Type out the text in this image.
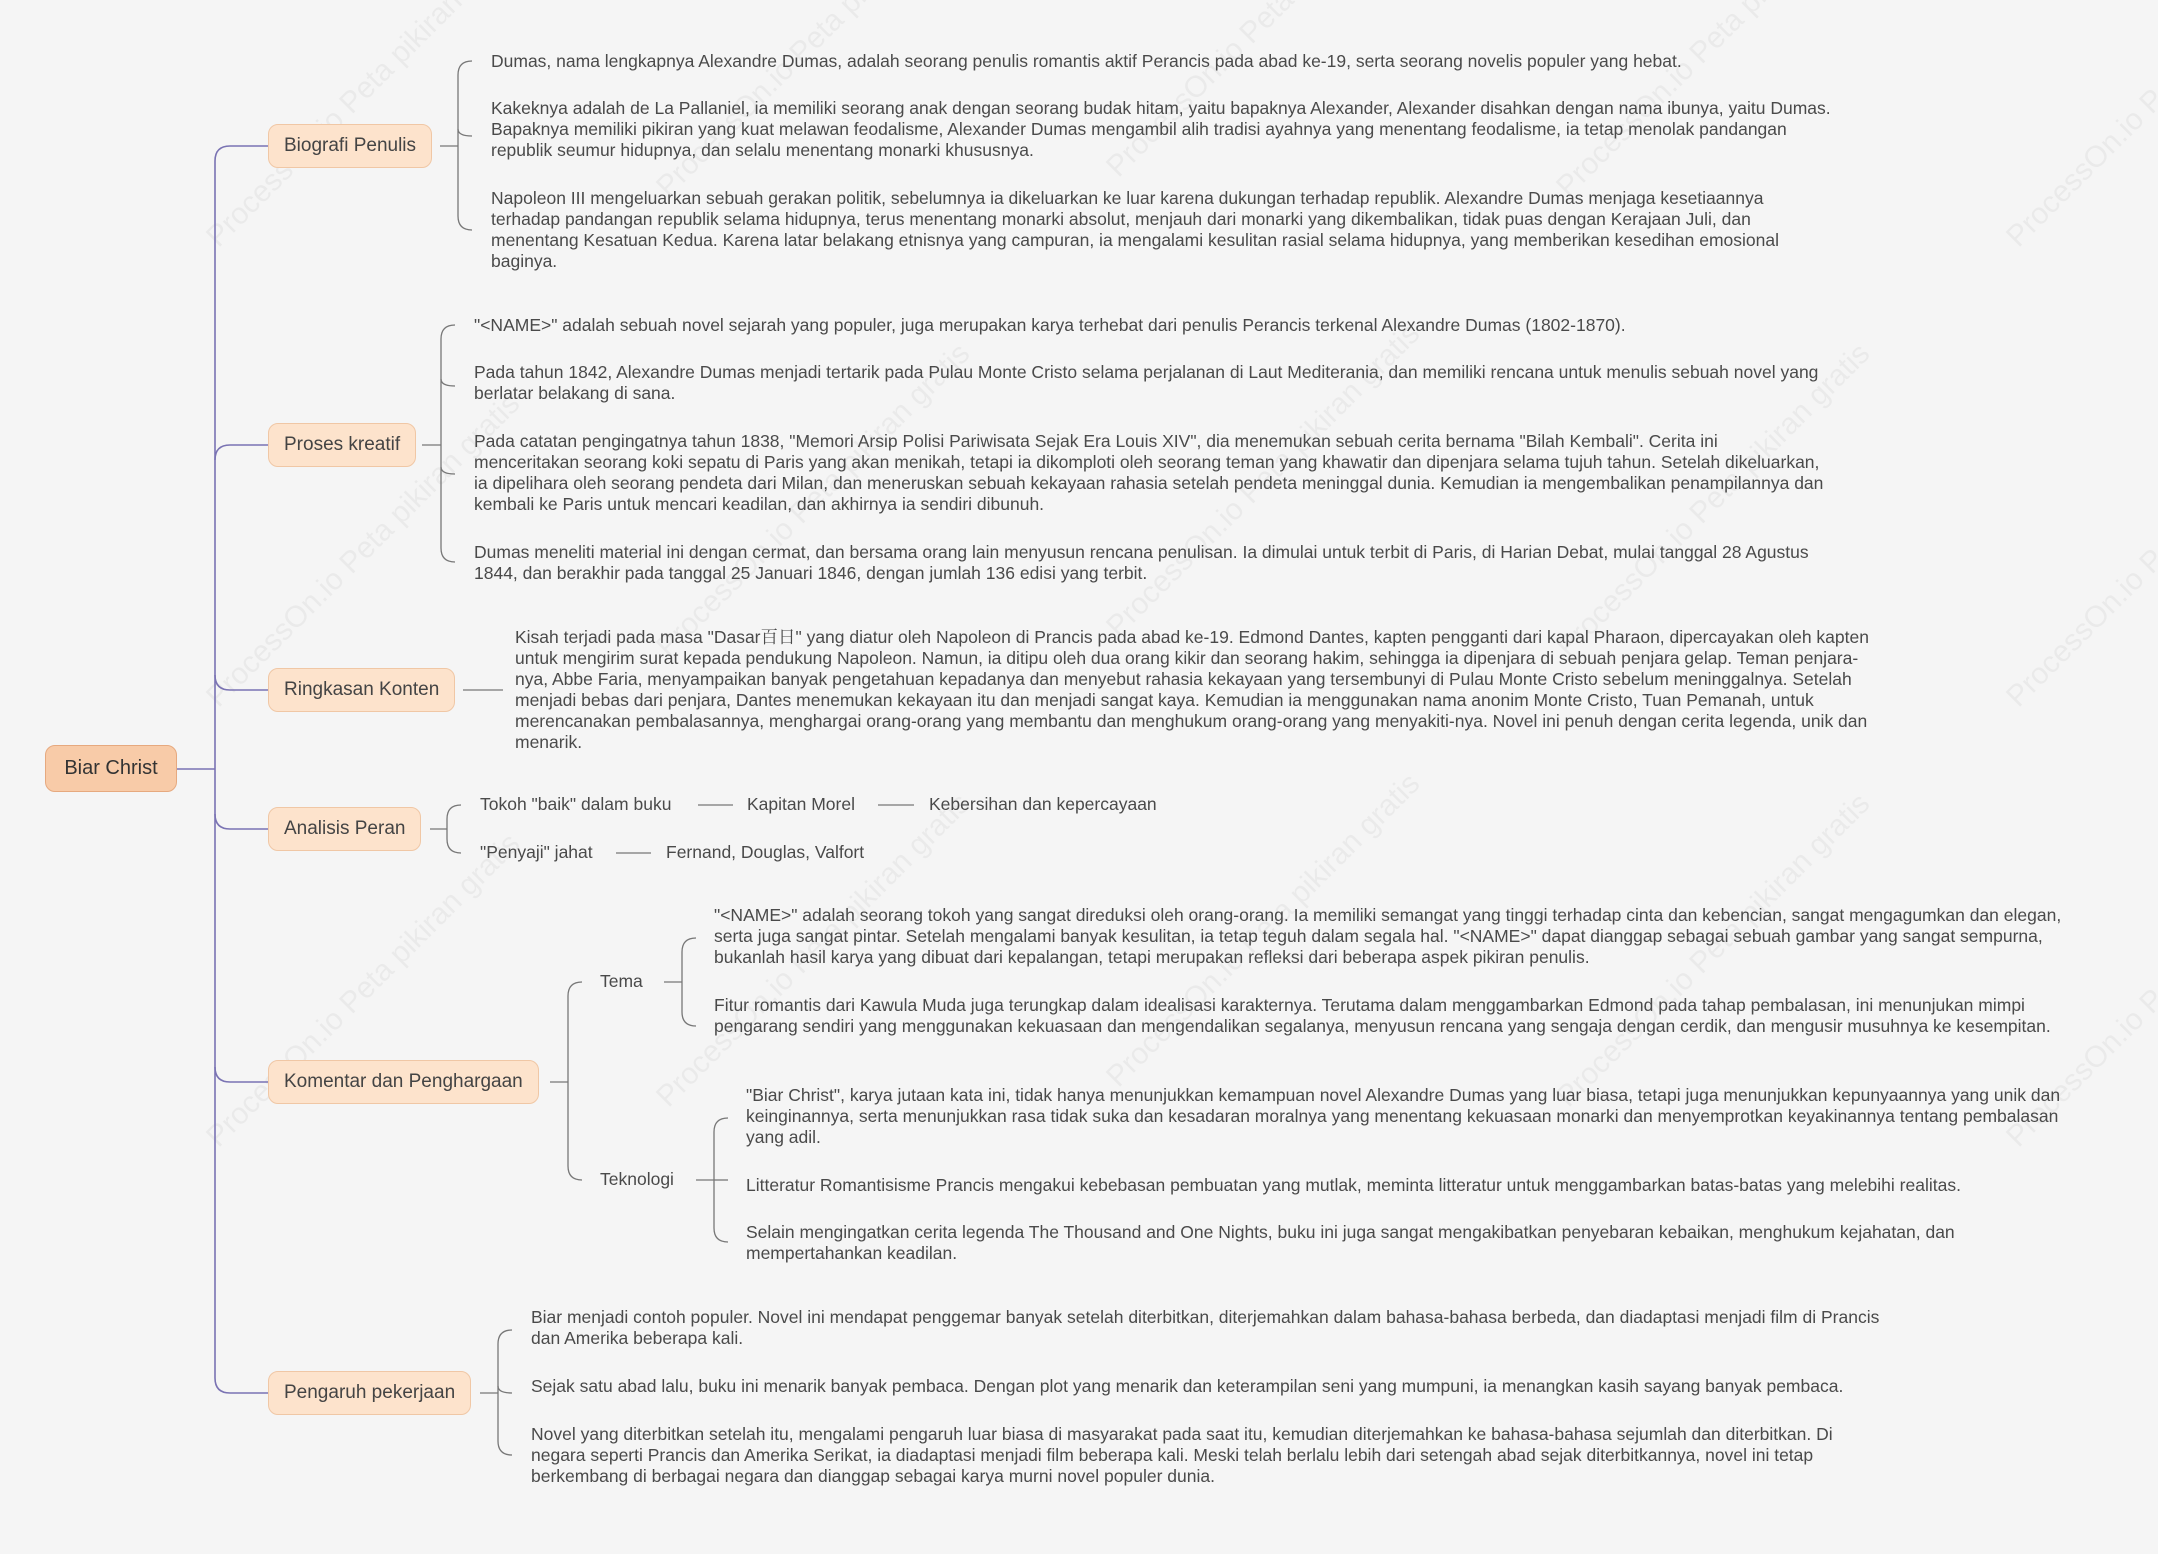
Biar Christ
Biografi Penulis
Dumas, nama lengkapnya Alexandre Dumas, adalah seorang penulis romantis aktif Perancis pada abad ke-19, serta seorang novelis populer yang hebat.
Kakeknya adalah de La Pallaniel, ia memiliki seorang anak dengan seorang budak hitam, yaitu bapaknya Alexander, Alexander disahkan dengan nama ibunya, yaitu Dumas. Bapaknya memiliki pikiran yang kuat melawan feodalisme, Alexander Dumas mengambil alih tradisi ayahnya yang menentang feodalisme, ia tetap menolak pandangan republik seumur hidupnya, dan selalu menentang monarki khususnya.
Napoleon III mengeluarkan sebuah gerakan politik, sebelumnya ia dikeluarkan ke luar karena dukungan terhadap republik. Alexandre Dumas menjaga kesetiaannya terhadap pandangan republik selama hidupnya, terus menentang monarki absolut, menjauh dari monarki yang dikembalikan, tidak puas dengan Kerajaan Juli, dan menentang Kesatuan Kedua. Karena latar belakang etnisnya yang campuran, ia mengalami kesulitan rasial selama hidupnya, yang memberikan kesedihan emosional baginya.
Proses kreatif
"<NAME>" adalah sebuah novel sejarah yang populer, juga merupakan karya terhebat dari penulis Perancis terkenal Alexandre Dumas (1802-1870).
Pada tahun 1842, Alexandre Dumas menjadi tertarik pada Pulau Monte Cristo selama perjalanan di Laut Mediterania, dan memiliki rencana untuk menulis sebuah novel yang berlatar belakang di sana.
Pada catatan pengingatnya tahun 1838, "Memori Arsip Polisi Pariwisata Sejak Era Louis XIV", dia menemukan sebuah cerita bernama "Bilah Kembali". Cerita ini menceritakan seorang koki sepatu di Paris yang akan menikah, tetapi ia dikomploti oleh seorang teman yang khawatir dan dipenjara selama tujuh tahun. Setelah dikeluarkan, ia dipelihara oleh seorang pendeta dari Milan, dan meneruskan sebuah kekayaan rahasia setelah pendeta meninggal dunia. Kemudian ia mengembalikan penampilannya dan kembali ke Paris untuk mencari keadilan, dan akhirnya ia sendiri dibunuh.
Dumas meneliti material ini dengan cermat, dan bersama orang lain menyusun rencana penulisan. Ia dimulai untuk terbit di Paris, di Harian Debat, mulai tanggal 28 Agustus 1844, dan berakhir pada tanggal 25 Januari 1846, dengan jumlah 136 edisi yang terbit.
Ringkasan Konten
Kisah terjadi pada masa "Dasar百日" yang diatur oleh Napoleon di Prancis pada abad ke-19. Edmond Dantes, kapten pengganti dari kapal Pharaon, dipercayakan oleh kapten untuk mengirim surat kepada pendukung Napoleon. Namun, ia ditipu oleh dua orang kikir dan seorang hakim, sehingga ia dipenjara di sebuah penjara gelap. Teman penjara-nya, Abbe Faria, menyampaikan banyak pengetahuan kepadanya dan menyebut rahasia kekayaan yang tersembunyi di Pulau Monte Cristo sebelum meninggalnya. Setelah menjadi bebas dari penjara, Dantes menemukan kekayaan itu dan menjadi sangat kaya. Kemudian ia menggunakan nama anonim Monte Cristo, Tuan Pemanah, untuk merencanakan pembalasannya, menghargai orang-orang yang membantu dan menghukum orang-orang yang menyakiti-nya. Novel ini penuh dengan cerita legenda, unik dan menarik.
Analisis Peran
Tokoh "baik" dalam buku	Kapitan Morel	Kebersihan dan kepercayaan
"Penyaji" jahat	Fernand, Douglas, Valfort
Komentar dan Penghargaan
Tema
"<NAME>" adalah seorang tokoh yang sangat direduksi oleh orang-orang. Ia memiliki semangat yang tinggi terhadap cinta dan kebencian, sangat mengagumkan dan elegan, serta juga sangat pintar. Setelah mengalami banyak kesulitan, ia tetap teguh dalam segala hal. "<NAME>" dapat dianggap sebagai sebuah gambar yang sangat sempurna, bukanlah hasil karya yang dibuat dari kepalangan, tetapi merupakan refleksi dari beberapa aspek pikiran penulis.
Fitur romantis dari Kawula Muda juga terungkap dalam idealisasi karakternya. Terutama dalam menggambarkan Edmond pada tahap pembalasan, ini menunjukan mimpi pengarang sendiri yang menggunakan kekuasaan dan mengendalikan segalanya, menyusun rencana yang sengaja dengan cerdik, dan mengusir musuhnya ke kesempitan.
Teknologi
"Biar Christ", karya jutaan kata ini, tidak hanya menunjukkan kemampuan novel Alexandre Dumas yang luar biasa, tetapi juga menunjukkan kepunyaannya yang unik dan keinginannya, serta menunjukkan rasa tidak suka dan kesadaran moralnya yang menentang kekuasaan monarki dan menyemprotkan keyakinannya tentang pembalasan yang adil.
Litteratur Romantisisme Prancis mengakui kebebasan pembuatan yang mutlak, meminta litteratur untuk menggambarkan batas-batas yang melebihi realitas.
Selain mengingatkan cerita legenda The Thousand and One Nights, buku ini juga sangat mengakibatkan penyebaran kebaikan, menghukum kejahatan, dan mempertahankan keadilan.
Pengaruh pekerjaan
Biar menjadi contoh populer. Novel ini mendapat penggemar banyak setelah diterbitkan, diterjemahkan dalam bahasa-bahasa berbeda, dan diadaptasi menjadi film di Prancis dan Amerika beberapa kali.
Sejak satu abad lalu, buku ini menarik banyak pembaca. Dengan plot yang menarik dan keterampilan seni yang mumpuni, ia menangkan kasih sayang banyak pembaca.
Novel yang diterbitkan setelah itu, mengalami pengaruh luar biasa di masyarakat pada saat itu, kemudian diterjemahkan ke bahasa-bahasa sejumlah dan diterbitkan. Di negara seperti Prancis dan Amerika Serikat, ia diadaptasi menjadi film beberapa kali. Meski telah berlalu lebih dari setengah abad sejak diterbitkannya, novel ini tetap berkembang di berbagai negara dan dianggap sebagai karya murni novel populer dunia.
